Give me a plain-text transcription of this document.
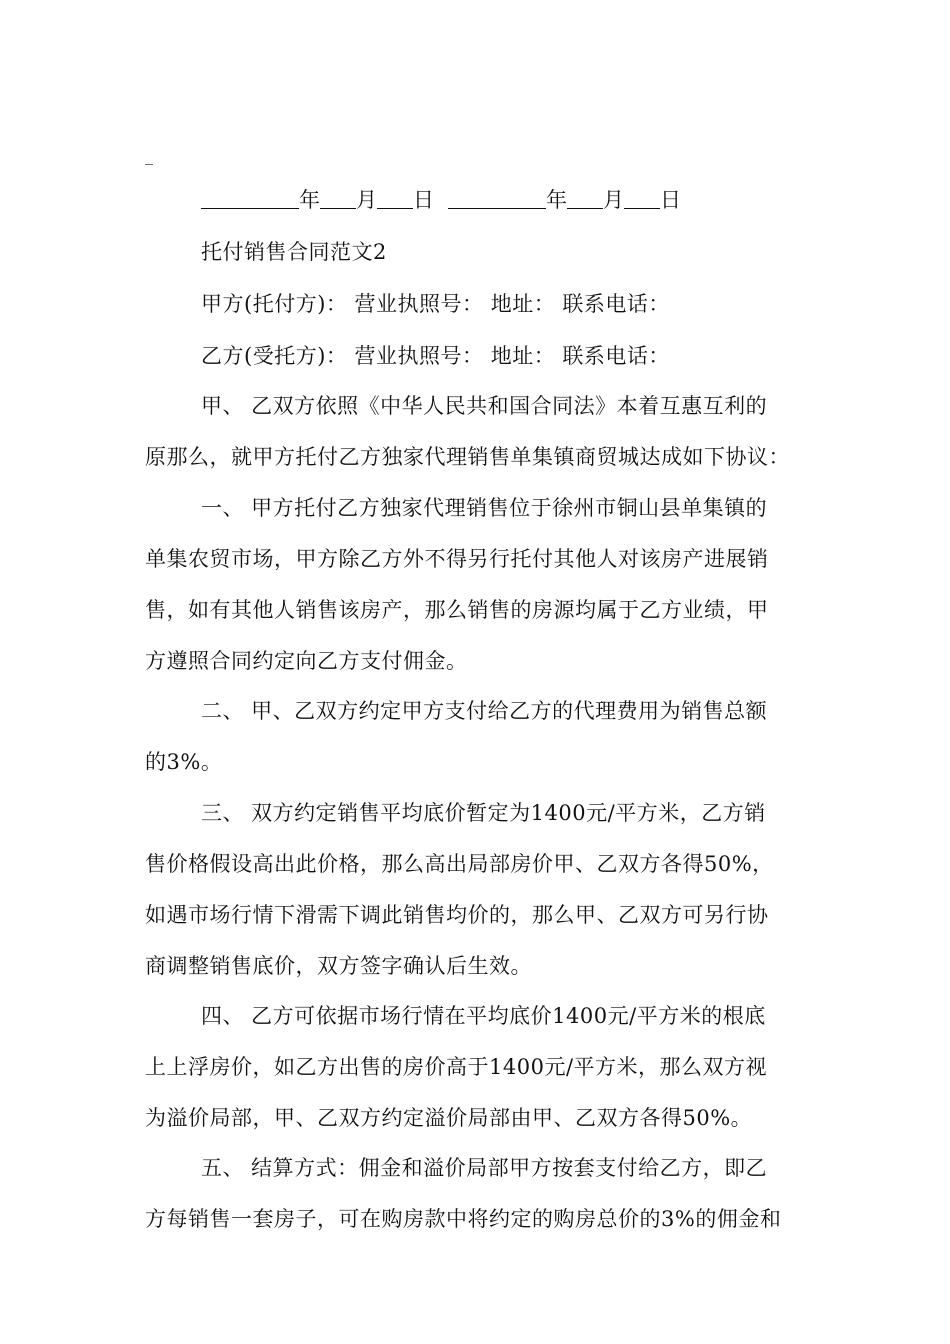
_
年 月 日	年 月 日
托付销售合同范文2
甲方(托付方)： 营业执照号： 地址： 联系电话：
乙方(受托方)： 营业执照号： 地址： 联系电话：
甲、 乙双方依照《中华人民共和国合同法》本着互惠互利的
原那么，就甲方托付乙方独家代理销售单集镇商贸城达成如下协议：
一、 甲方托付乙方独家代理销售位于徐州市铜山县单集镇的
单集农贸市场，甲方除乙方外不得另行托付其他人对该房产进展销
售，如有其他人销售该房产，那么销售的房源均属于乙方业绩，甲
方遵照合同约定向乙方支付佣金。
二、 甲、乙双方约定甲方支付给乙方的代理费用为销售总额
的3%。
三、 双方约定销售平均底价暂定为1400元/平方米，乙方销
售价格假设高出此价格，那么高出局部房价甲、乙双方各得50%，
如遇市场行情下滑需下调此销售均价的，那么甲、乙双方可另行协
商调整销售底价，双方签字确认后生效。
四、 乙方可依据市场行情在平均底价1400元/平方米的根底
上上浮房价，如乙方出售的房价高于1400元/平方米，那么双方视
为溢价局部，甲、乙双方约定溢价局部由甲、乙双方各得50%。
五、 结算方式：佣金和溢价局部甲方按套支付给乙方，即乙
方每销售一套房子，可在购房款中将约定的购房总价的3%的佣金和
